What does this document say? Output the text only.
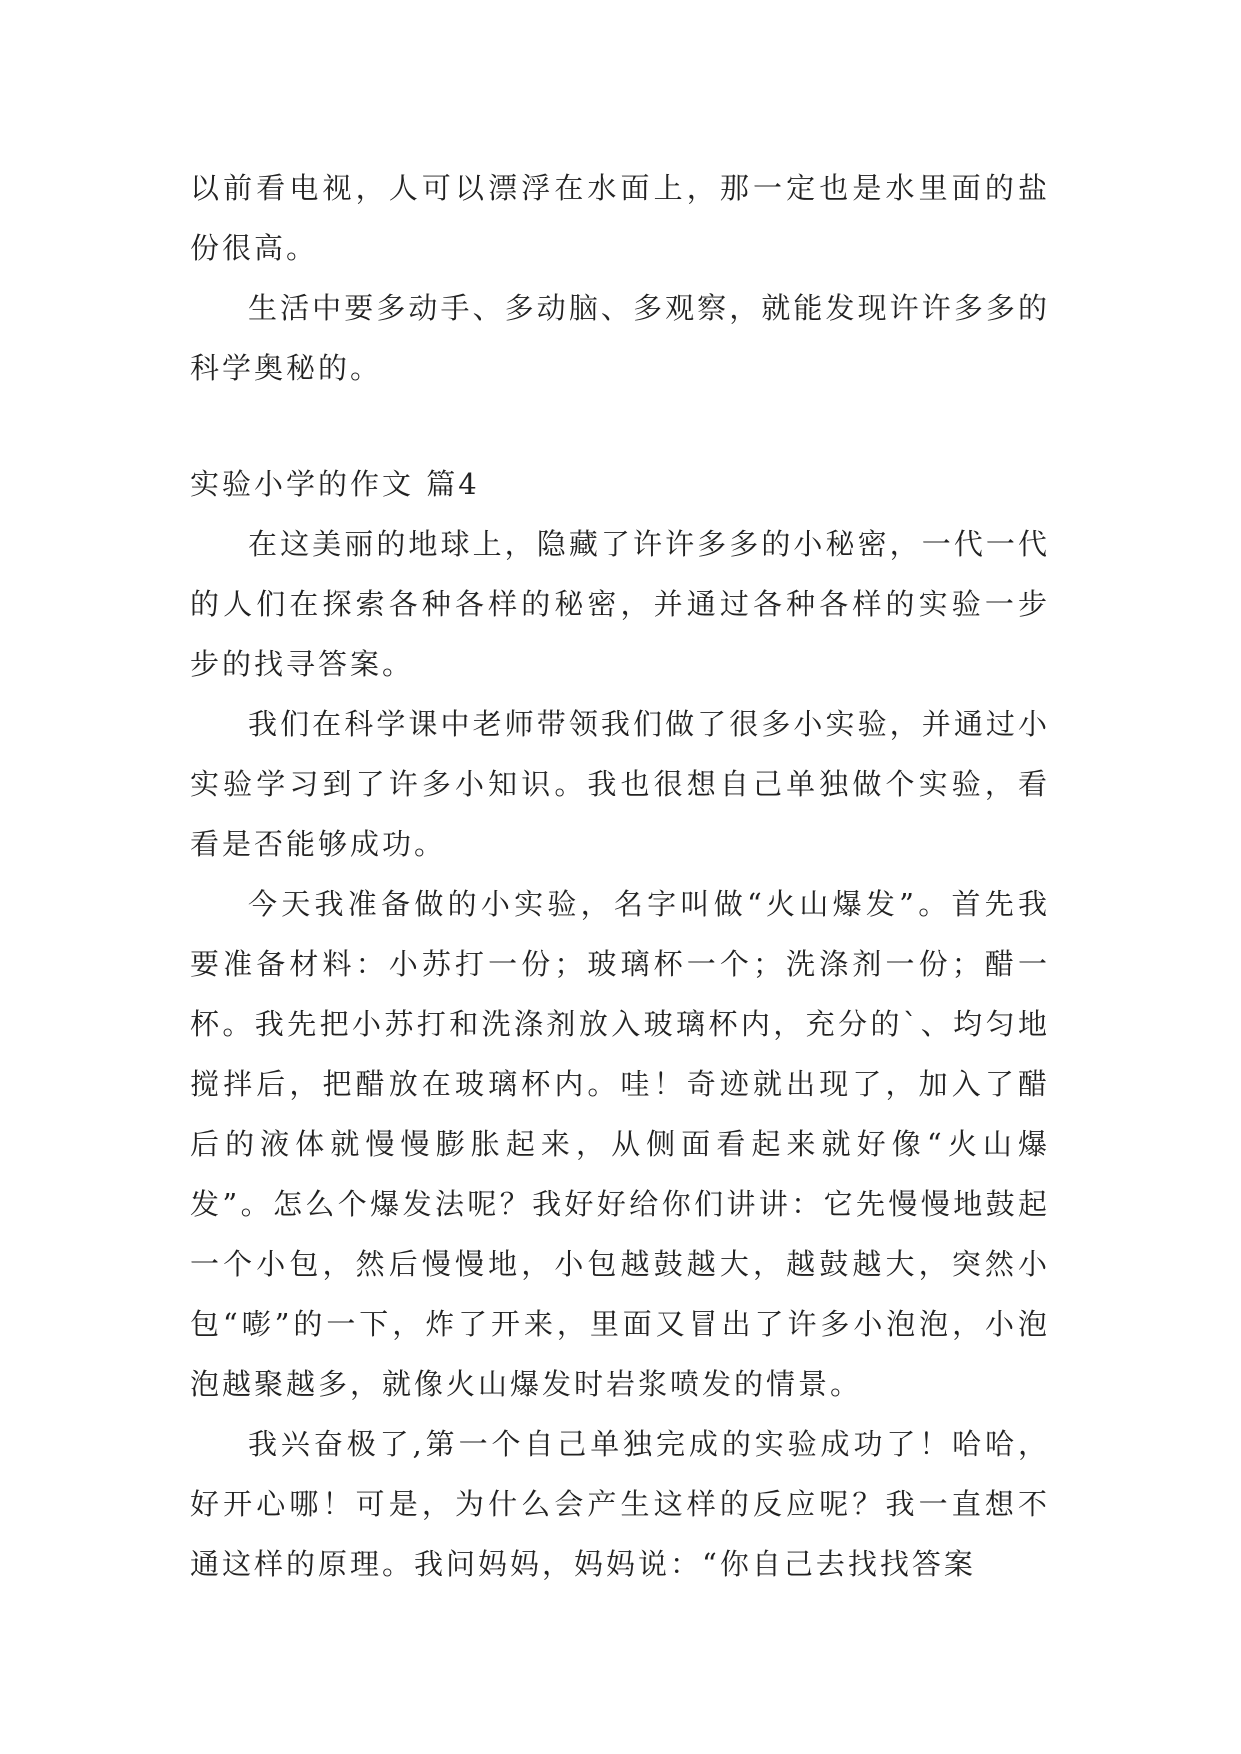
以前看电视，人可以漂浮在水面上，那一定也是水里面的盐份很高。

生活中要多动手、多动脑、多观察，就能发现许许多多的科学奥秘的。

实验小学的作文 篇4

在这美丽的地球上，隐藏了许许多多的小秘密，一代一代的人们在探索各种各样的秘密，并通过各种各样的实验一步步的找寻答案。

我们在科学课中老师带领我们做了很多小实验，并通过小实验学习到了许多小知识。我也很想自己单独做个实验，看看是否能够成功。

今天我准备做的小实验，名字叫做“火山爆发”。首先我要准备材料：小苏打一份；玻璃杯一个；洗涤剂一份；醋一杯。我先把小苏打和洗涤剂放入玻璃杯内，充分的`、均匀地搅拌后，把醋放在玻璃杯内。哇！奇迹就出现了，加入了醋后的液体就慢慢膨胀起来，从侧面看起来就好像“火山爆发”。怎么个爆发法呢？我好好给你们讲讲：它先慢慢地鼓起一个小包，然后慢慢地，小包越鼓越大，越鼓越大，突然小包“嘭”的一下，炸了开来，里面又冒出了许多小泡泡，小泡泡越聚越多，就像火山爆发时岩浆喷发的情景。

我兴奋极了,第一个自己单独完成的实验成功了！哈哈，好开心哪！可是，为什么会产生这样的反应呢？我一直想不通这样的原理。我问妈妈，妈妈说：“你自己去找找答案
